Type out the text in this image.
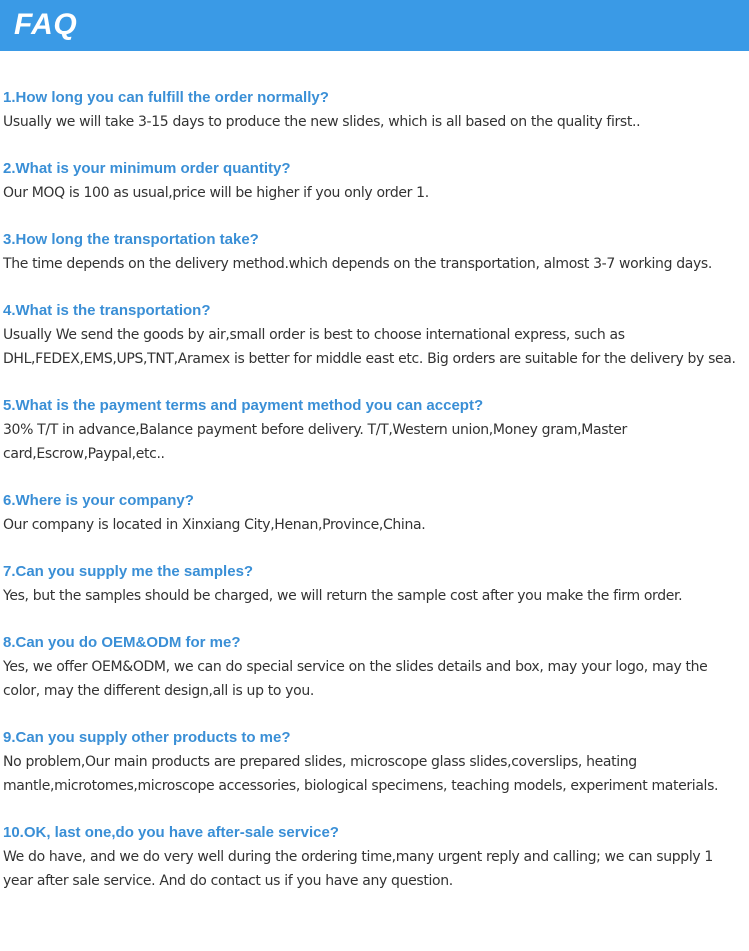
FAQ

1.How long you can fulfill the order normally?

Usually we will take 3-15 days to produce the new slides, which is all based on the quality first..

2.What is your minimum order quantity?

Our MOQ is 100 as usual,price will be higher if you only order 1.

3.How long the transportation take?

The time depends on the delivery method.which depends on the transportation, almost 3-7 working days.

4.What is the transportation?

Usually We send the goods by air,small order is best to choose international express, such as DHL,FEDEX,EMS,UPS,TNT,Aramex is better for middle east etc. Big orders are suitable for the delivery by sea.

5.What is the payment terms and payment method you can accept?

30% T/T in advance,Balance payment before delivery. T/T,Western union,Money gram,Master card,Escrow,Paypal,etc..

6.Where is your company?

Our company is located in Xinxiang City,Henan,Province,China.

7.Can you supply me the samples?

Yes, but the samples should be charged, we will return the sample cost after you make the firm order.

8.Can you do OEM&ODM for me?

Yes, we offer OEM&ODM, we can do special service on the slides details and box, may your logo, may the color, may the different design,all is up to you.

9.Can you supply other products to me?

No problem,Our main products are prepared slides, microscope glass slides,coverslips, heating mantle,microtomes,microscope accessories, biological specimens, teaching models, experiment materials.

10.OK, last one,do you have after-sale service?

We do have, and we do very well during the ordering time,many urgent reply and calling; we can supply 1 year after sale service. And do contact us if you have any question.
